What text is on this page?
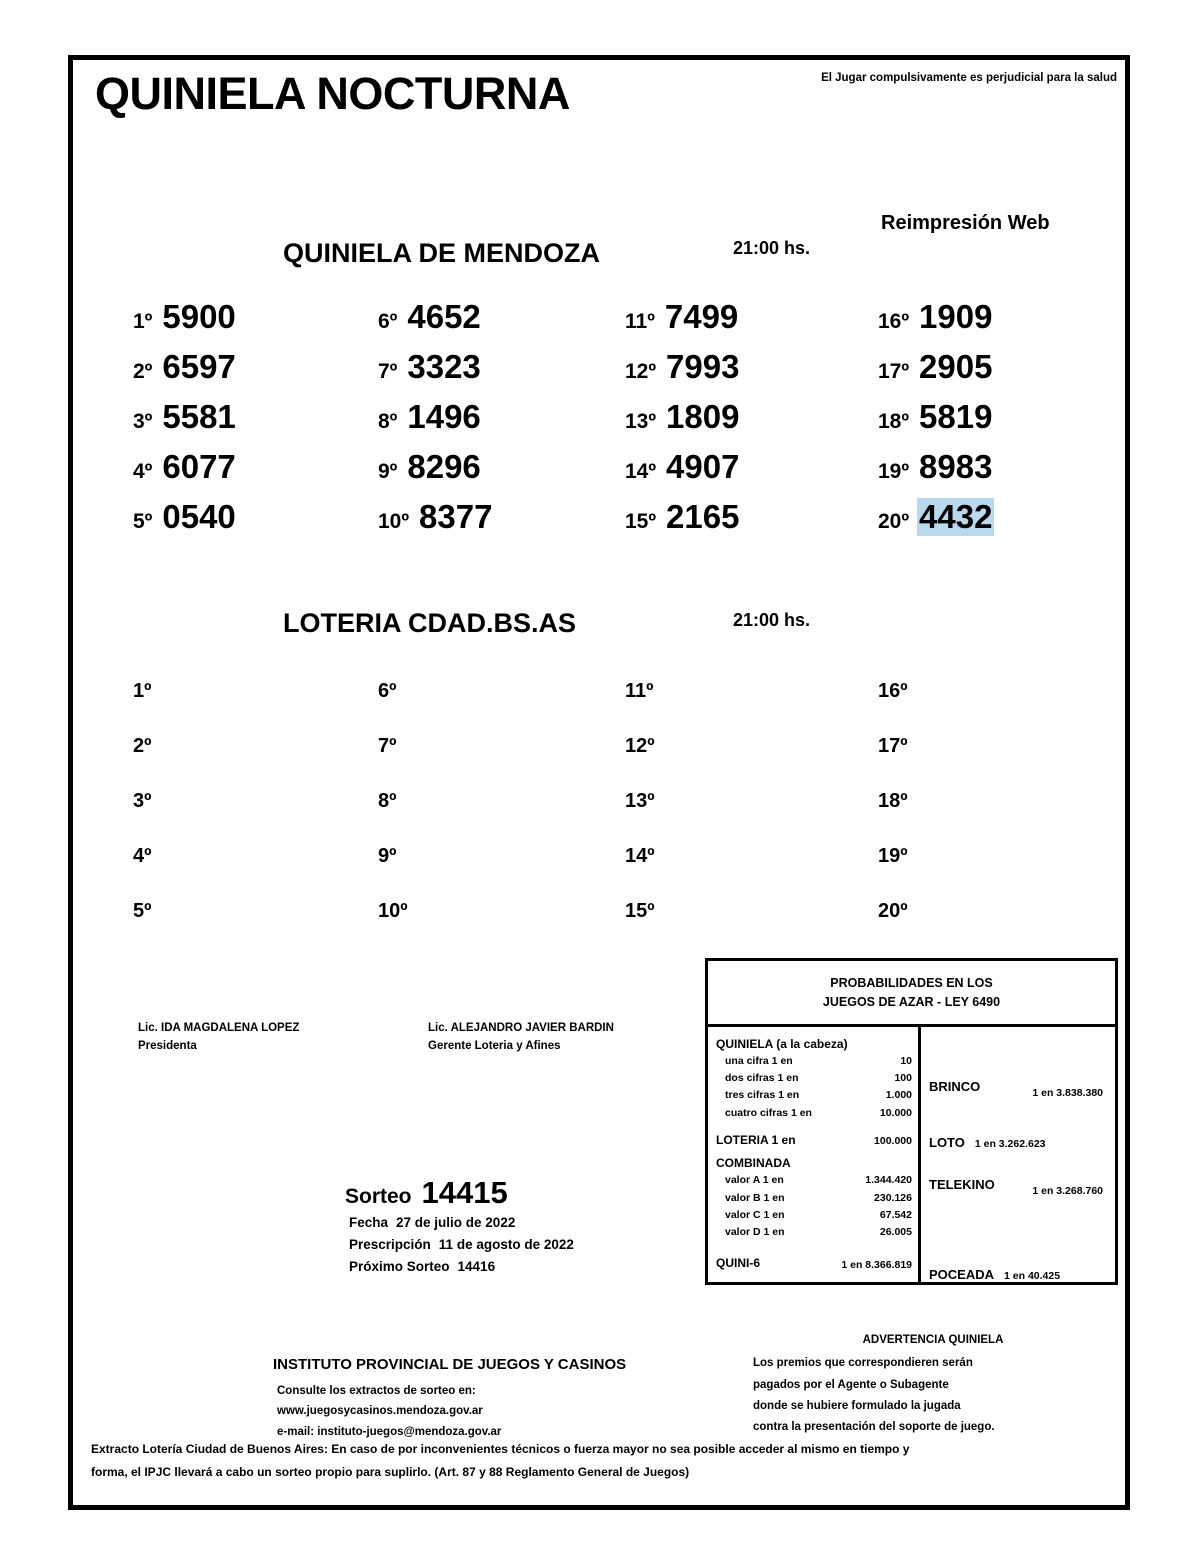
QUINIELA NOCTURNA	El Jugar compulsivamente es perjudicial para la salud
Reimpresión Web
QUINIELA DE MENDOZA	21:00 hs.
1º 5900	6º 4652	11º 7499	16º 1909
2º 6597	7º 3323	12º 7993	17º 2905
3º 5581	8º 1496	13º 1809	18º 5819
4º 6077	9º 8296	14º 4907	19º 8983
5º 0540	10º 8377	15º 2165	20º 4432
LOTERIA CDAD.BS.AS	21:00 hs.
1º	6º	11º	16º
2º	7º	12º	17º
3º	8º	13º	18º
4º	9º	14º	19º
5º	10º	15º	20º
Lic. IDA MAGDALENA LOPEZ
Presidenta
Lic. ALEJANDRO JAVIER BARDIN
Gerente Loteria y Afines
Sorteo 14415
Fecha 27 de julio de 2022
Prescripción 11 de agosto de 2022
Próximo Sorteo 14416
PROBABILIDADES EN LOS
JUEGOS DE AZAR - LEY 6490
QUINIELA (a la cabeza)
una cifra 1 en	10
dos cifras 1 en	100
tres cifras 1 en	1.000
cuatro cifras 1 en	10.000
LOTERIA 1 en	100.000
COMBINADA
valor A 1 en	1.344.420
valor B 1 en	230.126
valor C 1 en	67.542
valor D 1 en	26.005
QUINI-6	1 en 8.366.819
BRINCO	1 en 3.838.380
LOTO 1 en 3.262.623
TELEKINO	1 en 3.268.760
POCEADA 1 en 40.425
ADVERTENCIA QUINIELA
Los premios que correspondieren serán
pagados por el Agente o Subagente
donde se hubiere formulado la jugada
contra la presentación del soporte de juego.
INSTITUTO PROVINCIAL DE JUEGOS Y CASINOS
Consulte los extractos de sorteo en:
www.juegosycasinos.mendoza.gov.ar
e-mail: instituto-juegos@mendoza.gov.ar
Extracto Lotería Ciudad de Buenos Aires: En caso de por inconvenientes técnicos o fuerza mayor no sea posible acceder al mismo en tiempo y
forma, el IPJC llevará a cabo un sorteo propio para suplirlo. (Art. 87 y 88 Reglamento General de Juegos)
